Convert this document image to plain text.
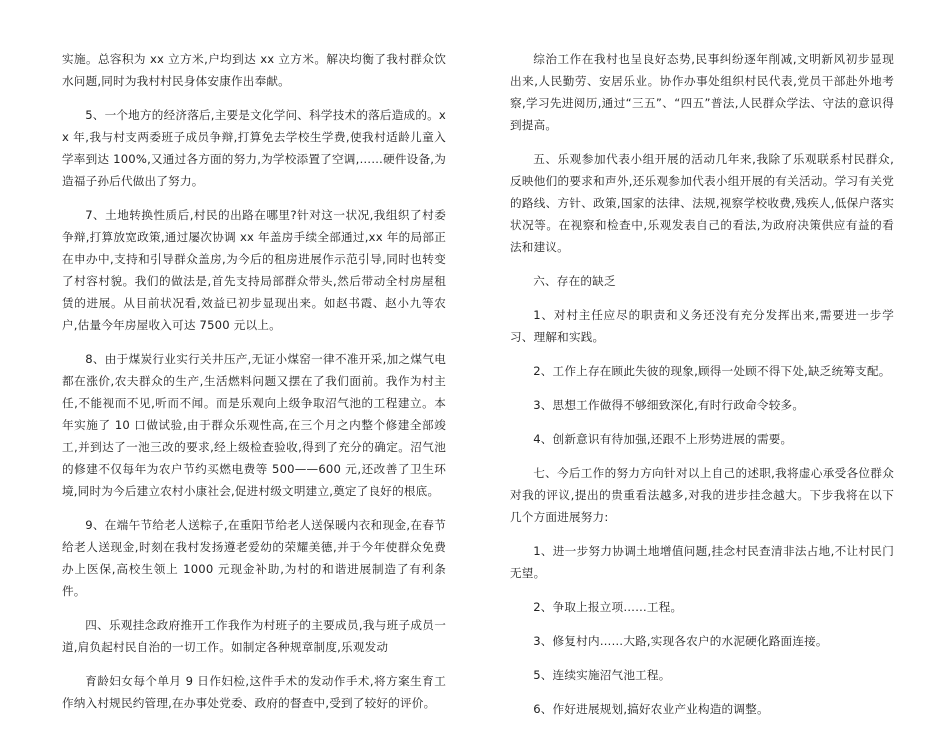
实施。总容积为 xx 立方米,户均到达 xx 立方米。解决均衡了我村群众饮水问题,同时为我村村民身体安康作出奉献。

5、一个地方的经济落后,主要是文化学问、科学技术的落后造成的。xx 年,我与村支两委班子成员争辩,打算免去学校生学费,使我村适龄儿童入学率到达 100%,又通过各方面的努力,为学校添置了空调,……硬件设备,为造福子孙后代做出了努力。

7、土地转换性质后,村民的出路在哪里?针对这一状况,我组织了村委争辩,打算放宽政策,通过屡次协调 xx 年盖房手续全部通过,xx 年的局部正在申办中,支持和引导群众盖房,为今后的租房进展作示范引导,同时也转变了村容村貌。我们的做法是,首先支持局部群众带头,然后带动全村房屋租赁的进展。从目前状况看,效益已初步显现出来。如赵书霞、赵小九等农户,估量今年房屋收入可达 7500 元以上。

8、由于煤炭行业实行关井压产,无证小煤窑一律不准开采,加之煤气电都在涨价,农夫群众的生产,生活燃料问题又摆在了我们面前。我作为村主任,不能视而不见,听而不闻。而是乐观向上级争取沼气池的工程建立。本年实施了 10 口做试验,由于群众乐观性高,在三个月之内整个修建全部竣工,并到达了一池三改的要求,经上级检查验收,得到了充分的确定。沼气池的修建不仅每年为农户节约买燃电费等 500——600 元,还改善了卫生环境,同时为今后建立农村小康社会,促进村级文明建立,奠定了良好的根底。

9、在端午节给老人送粽子,在重阳节给老人送保暖内衣和现金,在春节给老人送现金,时刻在我村发扬遵老爱幼的荣耀美德,并于今年使群众免费办上医保,高校生领上 1000 元现金补助,为村的和谐进展制造了有利条件。

四、乐观挂念政府推开工作我作为村班子的主要成员,我与班子成员一道,肩负起村民自治的一切工作。如制定各种规章制度,乐观发动

育龄妇女每个单月 9 日作妇检,这件手术的发动作手术,将方案生育工作纳入村规民约管理,在办事处党委、政府的督查中,受到了较好的评价。

综治工作在我村也呈良好态势,民事纠纷逐年削减,文明新风初步显现出来,人民勤劳、安居乐业。协作办事处组织村民代表,党员干部赴外地考察,学习先进阅历,通过“三五”、“四五”普法,人民群众学法、守法的意识得到提高。

五、乐观参加代表小组开展的活动几年来,我除了乐观联系村民群众,反映他们的要求和声外,还乐观参加代表小组开展的有关活动。学习有关党的路线、方针、政策,国家的法律、法规,视察学校收费,残疾人,低保户落实状况等。在视察和检查中,乐观发表自己的看法,为政府决策供应有益的看法和建议。

六、存在的缺乏

1、对村主任应尽的职责和义务还没有充分发挥出来,需要进一步学习、理解和实践。

2、工作上存在顾此失彼的现象,顾得一处顾不得下处,缺乏统筹支配。

3、思想工作做得不够细致深化,有时行政命令较多。

4、创新意识有待加强,还跟不上形势进展的需要。

七、今后工作的努力方向针对以上自己的述职,我将虚心承受各位群众对我的评议,提出的贵重看法越多,对我的进步挂念越大。下步我将在以下几个方面进展努力:

1、进一步努力协调土地增值问题,挂念村民查清非法占地,不让村民门无望。

2、争取上报立项……工程。

3、修复村内……大路,实现各农户的水泥硬化路面连接。

5、连续实施沼气池工程。

6、作好进展规划,搞好农业产业构造的调整。
